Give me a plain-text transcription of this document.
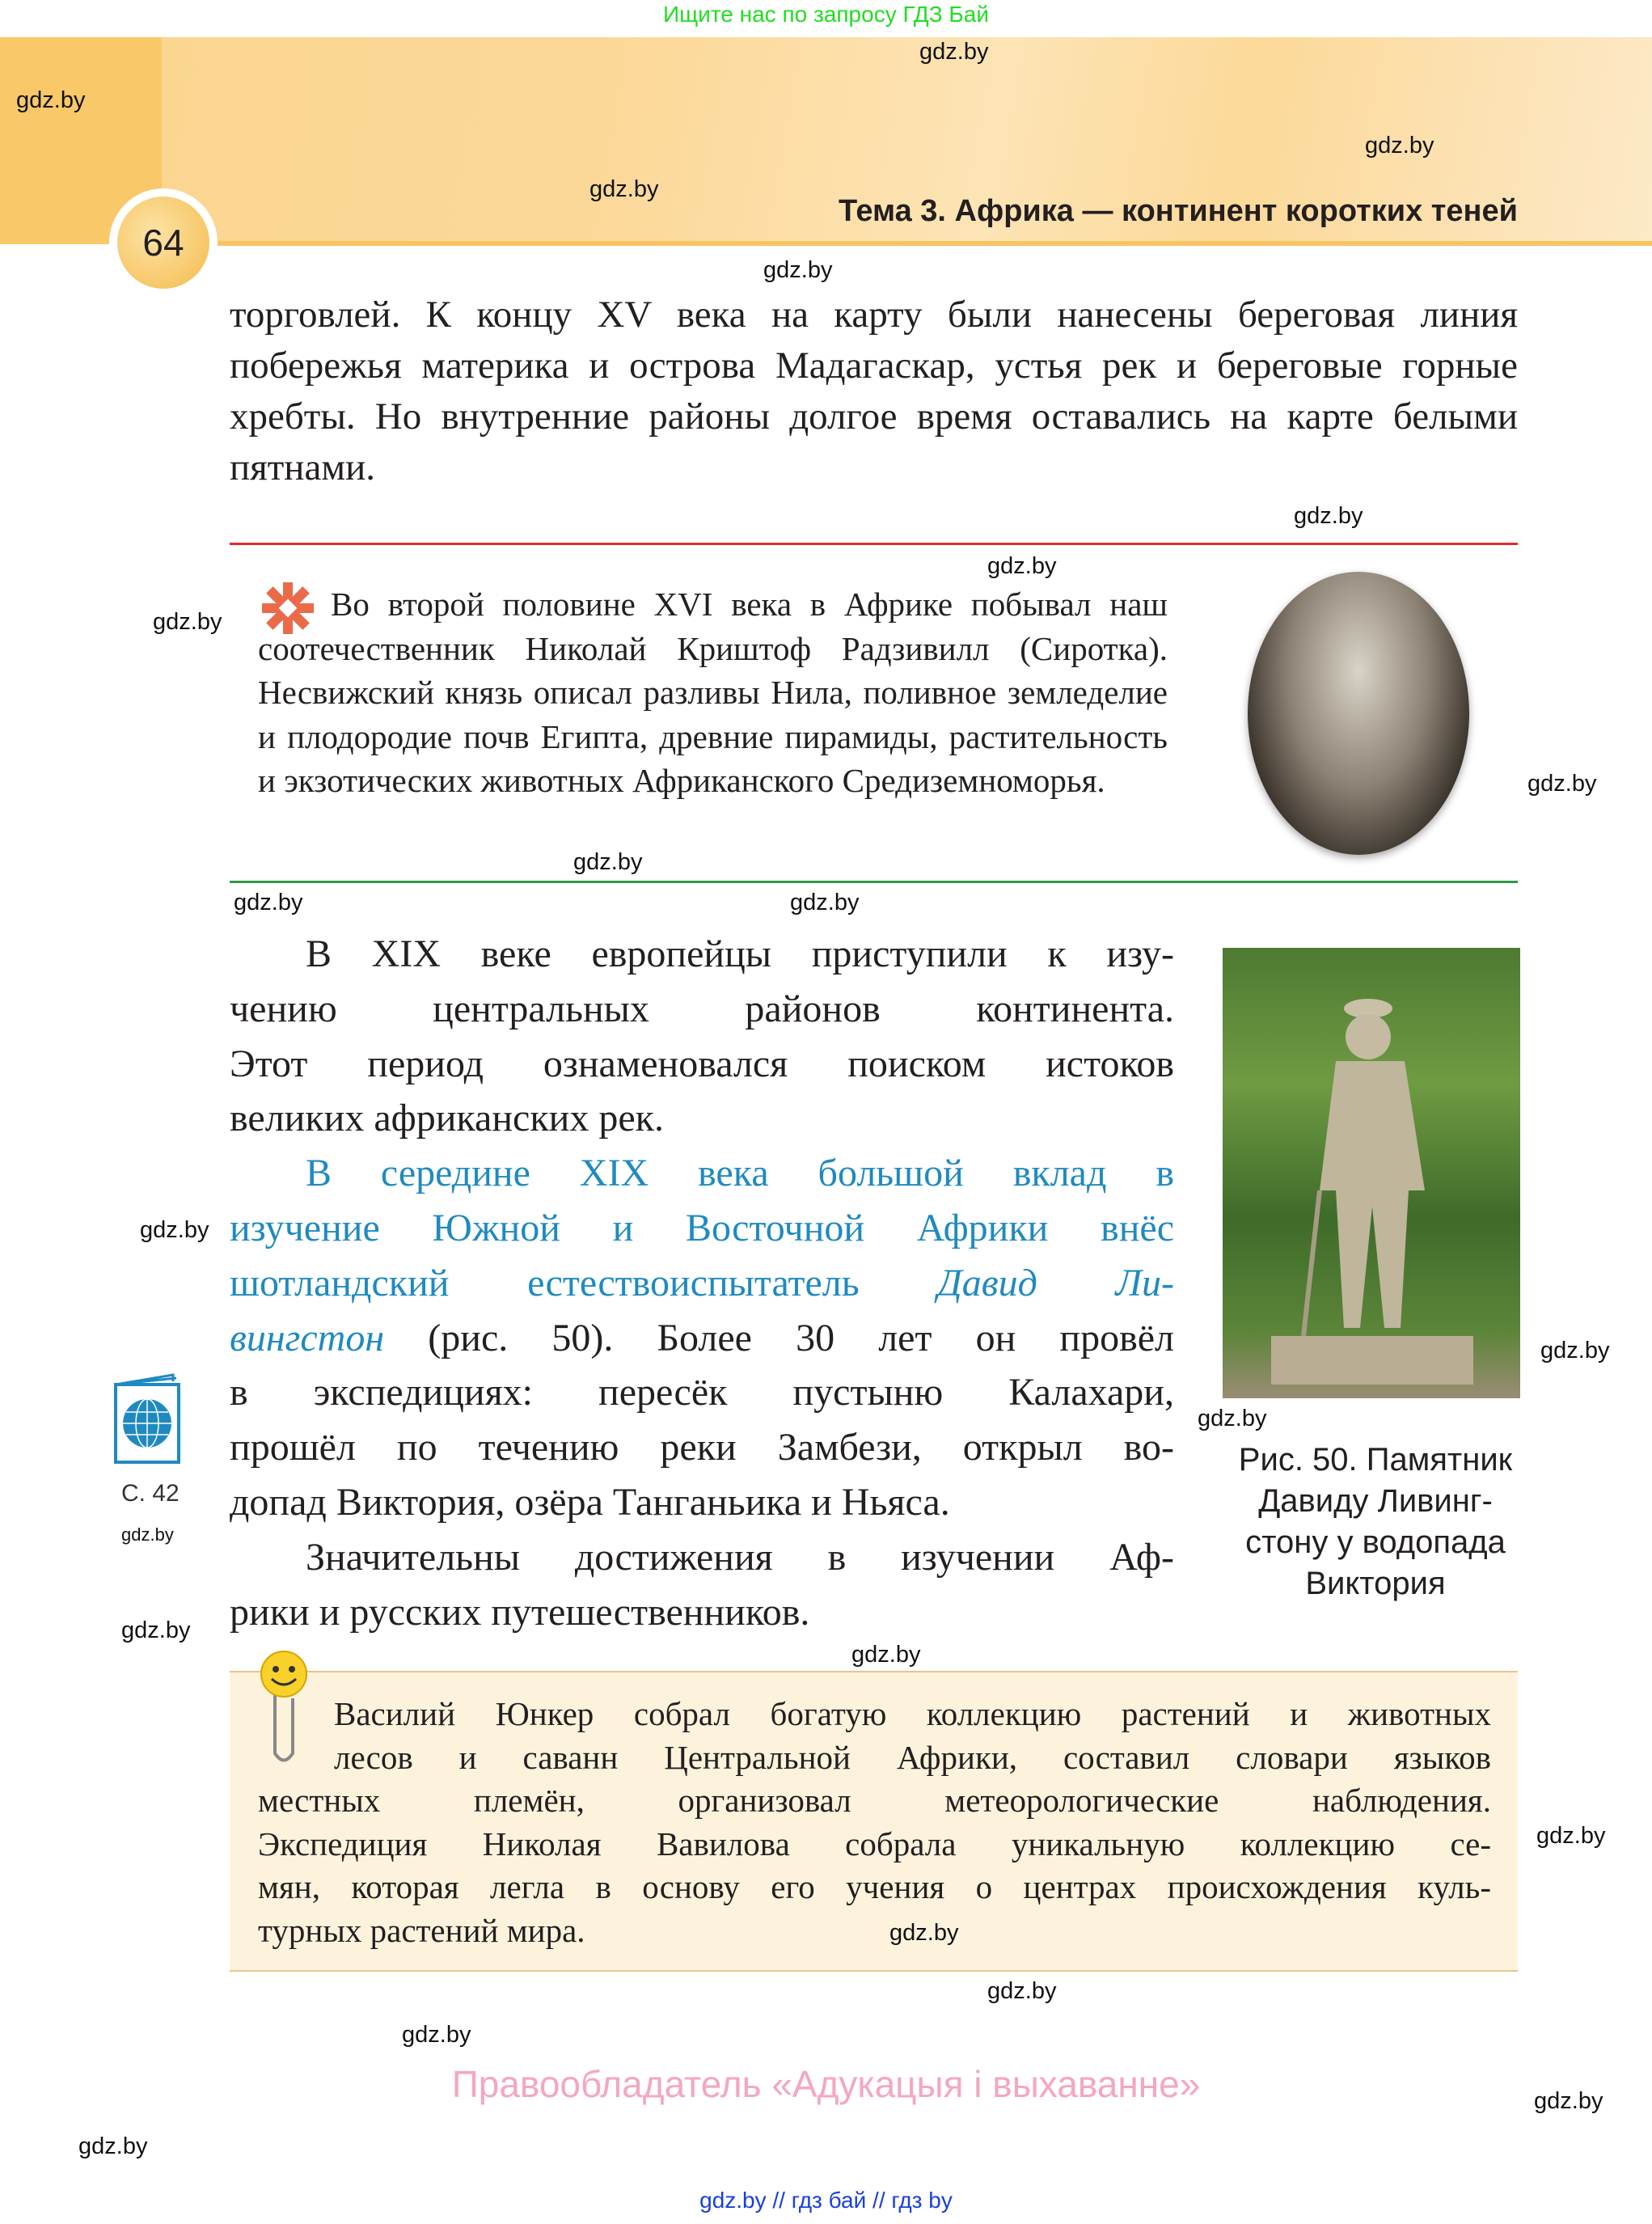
Ищите нас по запросу ГДЗ Бай
64
Тема 3. Африка — континент коротких теней
торговлей. К концу XV века на карту были нанесены береговая линия побережья материка и острова Мадагаскар, устья рек и береговые горные хребты. Но внутренние районы долгое время оставались на карте белыми пятнами.
Во второй половине XVI века в Африке побывал наш соотечественник Николай Криштоф Радзивилл (Сиротка). Несвижский князь описал разливы Нила, поливное земледелие и плодородие почв Египта, древние пирамиды, растительность и экзотических животных Африканского Средиземноморья.
В XIX веке европейцы приступили к изу-
чению центральных районов континента.
Этот период ознаменовался поиском истоков
великих африканских рек.
В середине XIX века большой вклад в
изучение Южной и Восточной Африки внёс
шотландский естествоиспытатель Давид Ли-
вингстон (рис. 50). Более 30 лет он провёл
в экспедициях: пересёк пустыню Калахари,
прошёл по течению реки Замбези, открыл во-
допад Виктория, озёра Танганьика и Ньяса.
Значительны достижения в изучении Аф-
рики и русских путешественников.
Рис. 50. Памятник
Давиду Ливинг-
стону у водопада
Виктория
С. 42
Василий Юнкер собрал богатую коллекцию растений и животных
лесов и саванн Центральной Африки, составил словари языков
местных племён, организовал метеорологические наблюдения.
Экспедиция Николая Вавилова собрала уникальную коллекцию се-
мян, которая легла в основу его учения о центрах происхождения куль-
турных растений мира.
Правообладатель «Адукацыя і выхаванне»
gdz.by // гдз бай // гдз by
gdz.by
gdz.by
gdz.by
gdz.by
gdz.by
gdz.by
gdz.by
gdz.by
gdz.by
gdz.by
gdz.by	gdz.by
gdz.by
gdz.by
gdz.by
gdz.by
gdz.by
gdz.by
gdz.by
gdz.by
gdz.by
gdz.by
gdz.by
gdz.by
